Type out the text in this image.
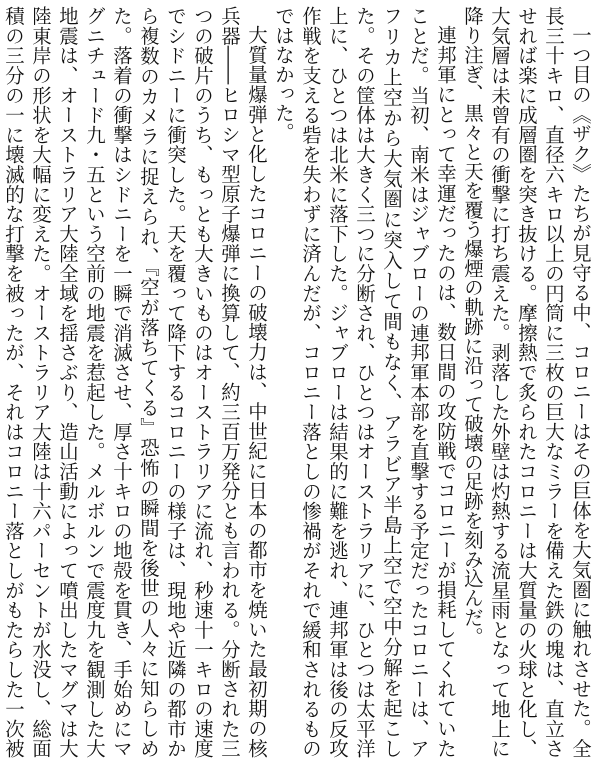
一つ目の《ザク》たちが見守る中、コロニーはその巨体を大気圏に触れさせた。全長三十キロ、直径六キロ以上の円筒に三枚の巨大なミラーを備えた鉄の塊は、直立させれば楽に成層圏を突き抜ける。摩擦熱で炙られたコロニーは大質量の火球と化し、大気層は未曾有の衝撃に打ち震えた。剥落した外壁は灼熱する流星雨となって地上に降り注ぎ、黒々と天を覆う爆煙の軌跡に沿って破壊の足跡を刻み込んだ。

連邦軍にとって幸運だったのは、数日間の攻防戦でコロニーが損耗してくれていたことだ。当初、南米はジャブローの連邦軍本部を直撃する予定だったコロニーは、アフリカ上空から大気圏に突入して間もなく、アラビア半島上空で空中分解を起こした。その筐体は大きく三つに分断され、ひとつはオーストラリアに、ひとつは太平洋上に、ひとつは北米に落下した。ジャブローは結果的に難を逃れ、連邦軍は後の反攻作戦を支える砦を失わずに済んだが、コロニー落としの惨禍がそれで緩和されるものではなかった。

大質量爆弾と化したコロニーの破壊力は、中世紀に日本の都市を焼いた最初期の核兵器――ヒロシマ型原子爆弾に換算して、約三百万発分とも言われる。分断された三つの破片のうち、もっとも大きいものはオーストラリアに流れ、秒速十一キロの速度でシドニーに衝突した。天を覆って降下するコロニーの様子は、現地や近隣の都市から複数のカメラに捉えられ、『空が落ちてくる』恐怖の瞬間を後世の人々に知らしめた。落着の衝撃はシドニーを一瞬で消滅させ、厚さ十キロの地殻を貫き、手始めにマグニチュード九・五という空前の地震を惹起した。メルボルンで震度九を観測した大地震は、オーストラリア大陸全域を揺さぶり、造山活動によって噴出したマグマは大陸東岸の形状を大幅に変えた。オーストラリア大陸は十六パーセントが水没し、総面積の三分の一に壊滅的な打撃を被ったが、それはコロニー落としがもたらした一次被
